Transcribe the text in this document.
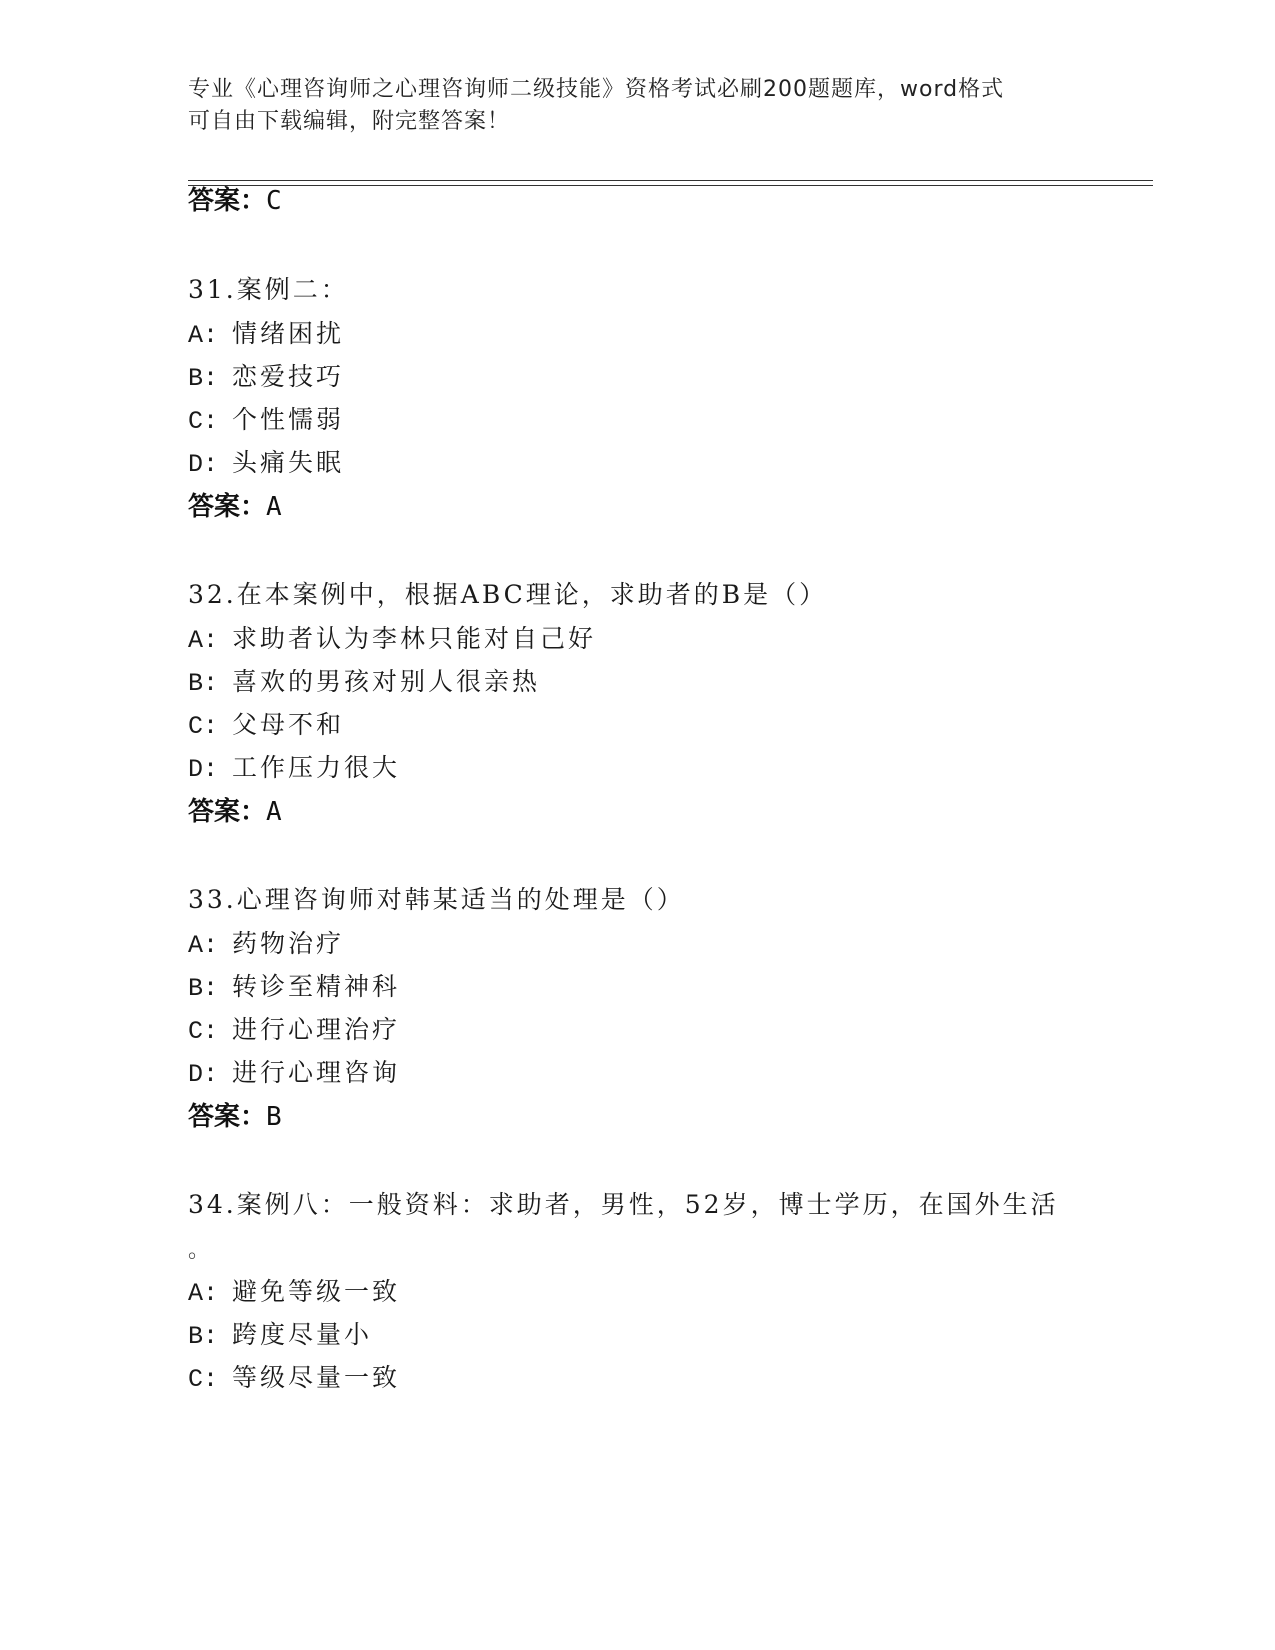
专业《心理咨询师之心理咨询师二级技能》资格考试必刷200题题库，word格式
可自由下载编辑，附完整答案！
答案：C
31.案例二：
A: 情绪困扰
B: 恋爱技巧
C: 个性懦弱
D: 头痛失眠
答案：A
32.在本案例中，根据ABC理论，求助者的B是（）
A: 求助者认为李林只能对自己好
B: 喜欢的男孩对别人很亲热
C: 父母不和
D: 工作压力很大
答案：A
33.心理咨询师对韩某适当的处理是（）
A: 药物治疗
B: 转诊至精神科
C: 进行心理治疗
D: 进行心理咨询
答案：B
34.案例八：一般资料：求助者，男性，52岁，博士学历，在国外生活
。
A: 避免等级一致
B: 跨度尽量小
C: 等级尽量一致
